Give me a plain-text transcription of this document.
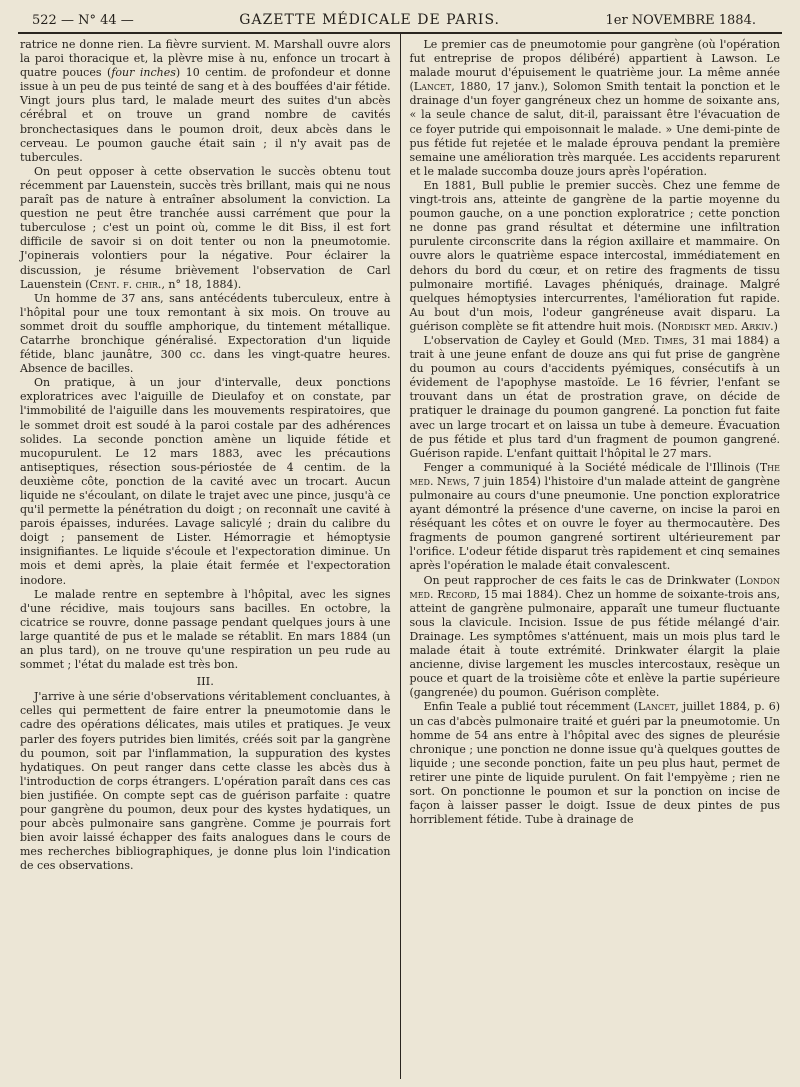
522 — N° 44 —	GAZETTE MÉDICALE DE PARIS.	1er NOVEMBRE 1884.

ratrice ne donne rien. La fièvre survient. M. Marshall ouvre alors la paroi thoracique et, la plèvre mise à nu, enfonce un trocart à quatre pouces (four inches) 10 centim. de profondeur et donne issue à un peu de pus teinté de sang et à des bouffées d'air fétide. Vingt jours plus tard, le malade meurt des suites d'un abcès cérébral et on trouve un grand nombre de cavités bronchectasiques dans le poumon droit, deux abcès dans le cerveau. Le poumon gauche était sain ; il n'y avait pas de tubercules.

On peut opposer à cette observation le succès obtenu tout récemment par Lauenstein, succès très brillant, mais qui ne nous paraît pas de nature à entraîner absolument la conviction. La question ne peut être tranchée aussi carrément que pour la tuberculose ; c'est un point où, comme le dit Biss, il est fort difficile de savoir si on doit tenter ou non la pneumotomie. J'opinerais volontiers pour la négative. Pour éclairer la discussion, je résume brièvement l'observation de Carl Lauenstein (Cent. f. chir., n° 18, 1884).

Un homme de 37 ans, sans antécédents tuberculeux, entre à l'hôpital pour une toux remontant à six mois. On trouve au sommet droit du souffle amphorique, du tintement métallique. Catarrhe bronchique généralisé. Expectoration d'un liquide fétide, blanc jaunâtre, 300 cc. dans les vingt-quatre heures. Absence de bacilles.

On pratique, à un jour d'intervalle, deux ponctions exploratrices avec l'aiguille de Dieulafoy et on constate, par l'immobilité de l'aiguille dans les mouvements respiratoires, que le sommet droit est soudé à la paroi costale par des adhérences solides. La seconde ponction amène un liquide fétide et mucopurulent. Le 12 mars 1883, avec les précautions antiseptiques, résection sous-périostée de 4 centim. de la deuxième côte, ponction de la cavité avec un trocart. Aucun liquide ne s'écoulant, on dilate le trajet avec une pince, jusqu'à ce qu'il permette la pénétration du doigt ; on reconnaît une cavité à parois épaisses, indurées. Lavage salicylé ; drain du calibre du doigt ; pansement de Lister. Hémorragie et hémoptysie insignifiantes. Le liquide s'écoule et l'expectoration diminue. Un mois et demi après, la plaie était fermée et l'expectoration inodore.

Le malade rentre en septembre à l'hôpital, avec les signes d'une récidive, mais toujours sans bacilles. En octobre, la cicatrice se rouvre, donne passage pendant quelques jours à une large quantité de pus et le malade se rétablit. En mars 1884 (un an plus tard), on ne trouve qu'une respiration un peu rude au sommet ; l'état du malade est très bon.

III.

J'arrive à une série d'observations véritablement concluantes, à celles qui permettent de faire entrer la pneumotomie dans le cadre des opérations délicates, mais utiles et pratiques. Je veux parler des foyers putrides bien limités, créés soit par la gangrène du poumon, soit par l'inflammation, la suppuration des kystes hydatiques. On peut ranger dans cette classe les abcès dus à l'introduction de corps étrangers. L'opération paraît dans ces cas bien justifiée. On compte sept cas de guérison parfaite : quatre pour gangrène du poumon, deux pour des kystes hydatiques, un pour abcès pulmonaire sans gangrène. Comme je pourrais fort bien avoir laissé échapper des faits analogues dans le cours de mes recherches bibliographiques, je donne plus loin l'indication de ces observations.

Le premier cas de pneumotomie pour gangrène (où l'opération fut entreprise de propos délibéré) appartient à Lawson. Le malade mourut d'épuisement le quatrième jour. La même année (Lancet, 1880, 17 janv.), Solomon Smith tentait la ponction et le drainage d'un foyer gangréneux chez un homme de soixante ans, « la seule chance de salut, dit-il, paraissant être l'évacuation de ce foyer putride qui empoisonnait le malade. » Une demi-pinte de pus fétide fut rejetée et le malade éprouva pendant la première semaine une amélioration très marquée. Les accidents reparurent et le malade succomba douze jours après l'opération.

En 1881, Bull publie le premier succès. Chez une femme de vingt-trois ans, atteinte de gangrène de la partie moyenne du poumon gauche, on a une ponction exploratrice ; cette ponction ne donne pas grand résultat et détermine une infiltration purulente circonscrite dans la région axillaire et mammaire. On ouvre alors le quatrième espace intercostal, immédiatement en dehors du bord du cœur, et on retire des fragments de tissu pulmonaire mortifié. Lavages phéniqués, drainage. Malgré quelques hémoptysies intercurrentes, l'amélioration fut rapide. Au bout d'un mois, l'odeur gangréneuse avait disparu. La guérison complète se fit attendre huit mois. (Nordiskt med. Arkiv.)

L'observation de Cayley et Gould (Med. Times, 31 mai 1884) a trait à une jeune enfant de douze ans qui fut prise de gangrène du poumon au cours d'accidents pyémiques, consécutifs à un évidement de l'apophyse mastoïde. Le 16 février, l'enfant se trouvant dans un état de prostration grave, on décide de pratiquer le drainage du poumon gangrené. La ponction fut faite avec un large trocart et on laissa un tube à demeure. Évacuation de pus fétide et plus tard d'un fragment de poumon gangrené. Guérison rapide. L'enfant quittait l'hôpital le 27 mars.

Fenger a communiqué à la Société médicale de l'Illinois (The med. News, 7 juin 1854) l'histoire d'un malade atteint de gangrène pulmonaire au cours d'une pneumonie. Une ponction exploratrice ayant démontré la présence d'une caverne, on incise la paroi en réséquant les côtes et on ouvre le foyer au thermocautère. Des fragments de poumon gangrené sortirent ultérieurement par l'orifice. L'odeur fétide disparut très rapidement et cinq semaines après l'opération le malade était convalescent.

On peut rapprocher de ces faits le cas de Drinkwater (London med. Record, 15 mai 1884). Chez un homme de soixante-trois ans, atteint de gangrène pulmonaire, apparaît une tumeur fluctuante sous la clavicule. Incision. Issue de pus fétide mélangé d'air. Drainage. Les symptômes s'atténuent, mais un mois plus tard le malade était à toute extrémité. Drinkwater élargit la plaie ancienne, divise largement les muscles intercostaux, resèque un pouce et quart de la troisième côte et enlève la partie supérieure (gangrenée) du poumon. Guérison complète.

Enfin Teale a publié tout récemment (Lancet, juillet 1884, p. 6) un cas d'abcès pulmonaire traité et guéri par la pneumotomie. Un homme de 54 ans entre à l'hôpital avec des signes de pleurésie chronique ; une ponction ne donne issue qu'à quelques gouttes de liquide ; une seconde ponction, faite un peu plus haut, permet de retirer une pinte de liquide purulent. On fait l'empyème ; rien ne sort. On ponctionne le poumon et sur la ponction on incise de façon à laisser passer le doigt. Issue de deux pintes de pus horriblement fétide. Tube à drainage de
